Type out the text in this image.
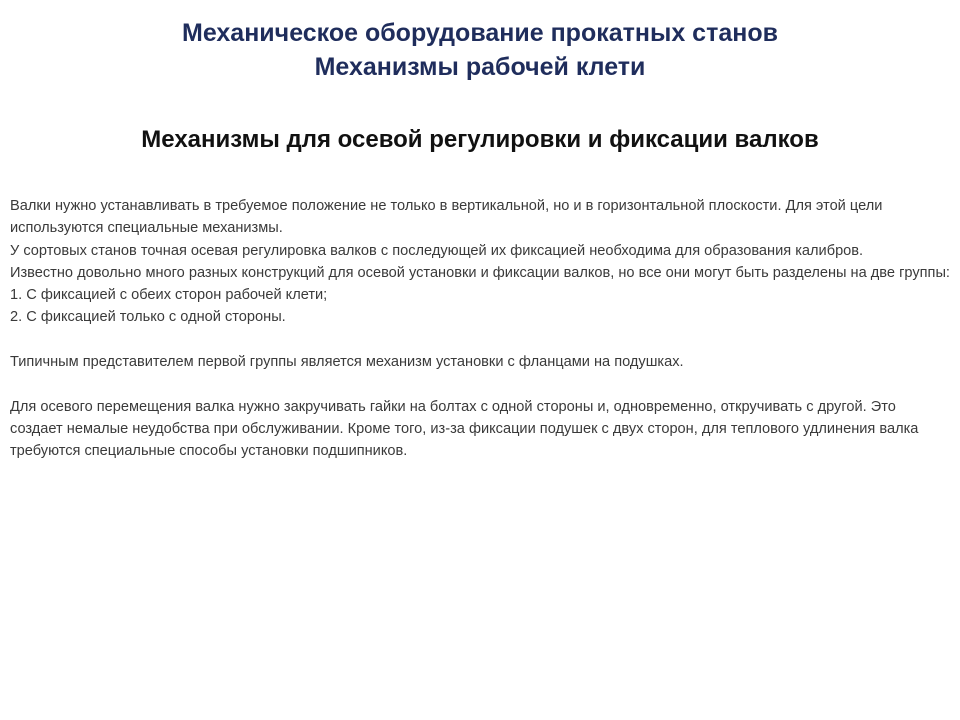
Механическое оборудование прокатных станов
Механизмы рабочей клети
Механизмы для осевой регулировки и фиксации валков
Валки нужно устанавливать в требуемое положение не только в вертикальной, но и в горизонтальной плоскости. Для этой цели используются специальные механизмы.
У сортовых станов точная осевая регулировка валков с последующей их фиксацией необходима для образования калибров.
Известно довольно много разных конструкций для осевой установки и фиксации валков, но все они могут быть разделены на две группы:
1. С фиксацией с обеих сторон рабочей клети;
2. С фиксацией только с одной стороны.
Типичным представителем первой группы является механизм установки с фланцами на подушках.
Для осевого перемещения валка нужно закручивать гайки на болтах с одной стороны и, одновременно, откручивать с другой. Это создает немалые неудобства при обслуживании. Кроме того, из-за фиксации подушек с двух сторон, для теплового удлинения валка требуются специальные способы установки подшипников.
